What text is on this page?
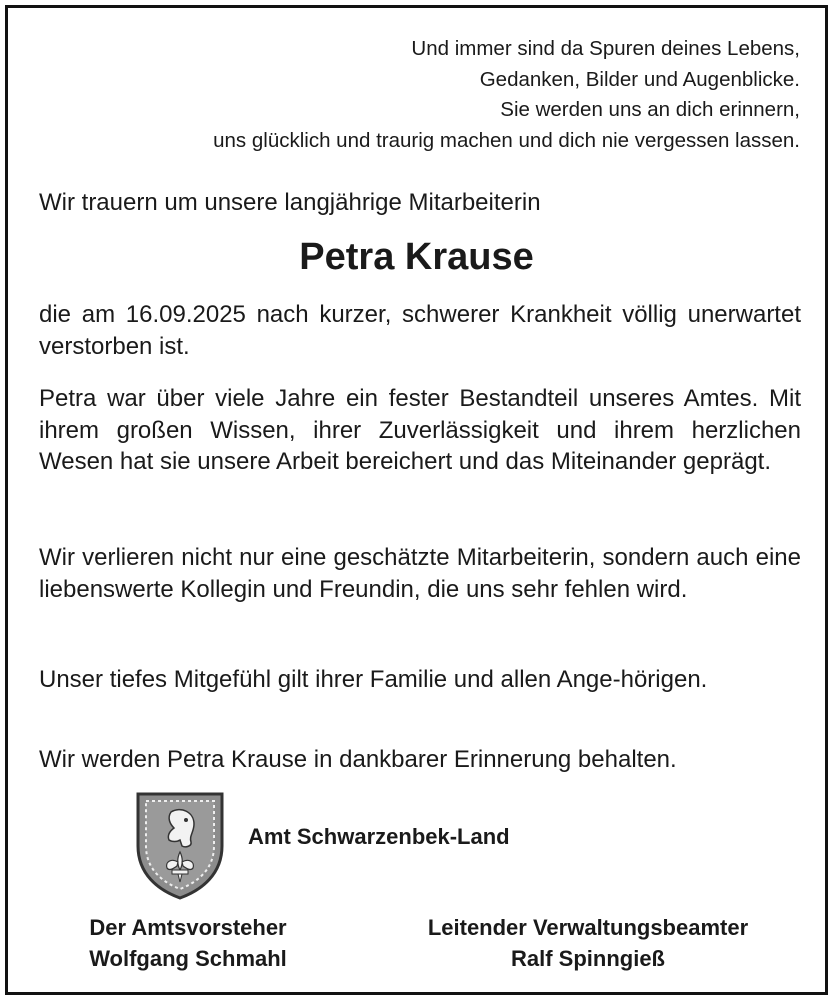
Und immer sind da Spuren deines Lebens,
Gedanken, Bilder und Augenblicke.
Sie werden uns an dich erinnern,
uns glücklich und traurig machen und dich nie vergessen lassen.
Wir trauern um unsere langjährige Mitarbeiterin
Petra Krause
die am 16.09.2025 nach kurzer, schwerer Krankheit völlig unerwartet verstorben ist.
Petra war über viele Jahre ein fester Bestandteil unseres Amtes. Mit ihrem großen Wissen, ihrer Zuverlässigkeit und ihrem herzlichen Wesen hat sie unsere Arbeit bereichert und das Miteinander geprägt.
Wir verlieren nicht nur eine geschätzte Mitarbeiterin, sondern auch eine liebenswerte Kollegin und Freundin, die uns sehr fehlen wird.
Unser tiefes Mitgefühl gilt ihrer Familie und allen Ange-hörigen.
Wir werden Petra Krause in dankbarer Erinnerung behalten.
Amt Schwarzenbek-Land
Der Amtsvorsteher
Wolfgang Schmahl
Leitender Verwaltungsbeamter
Ralf Spinngieß
